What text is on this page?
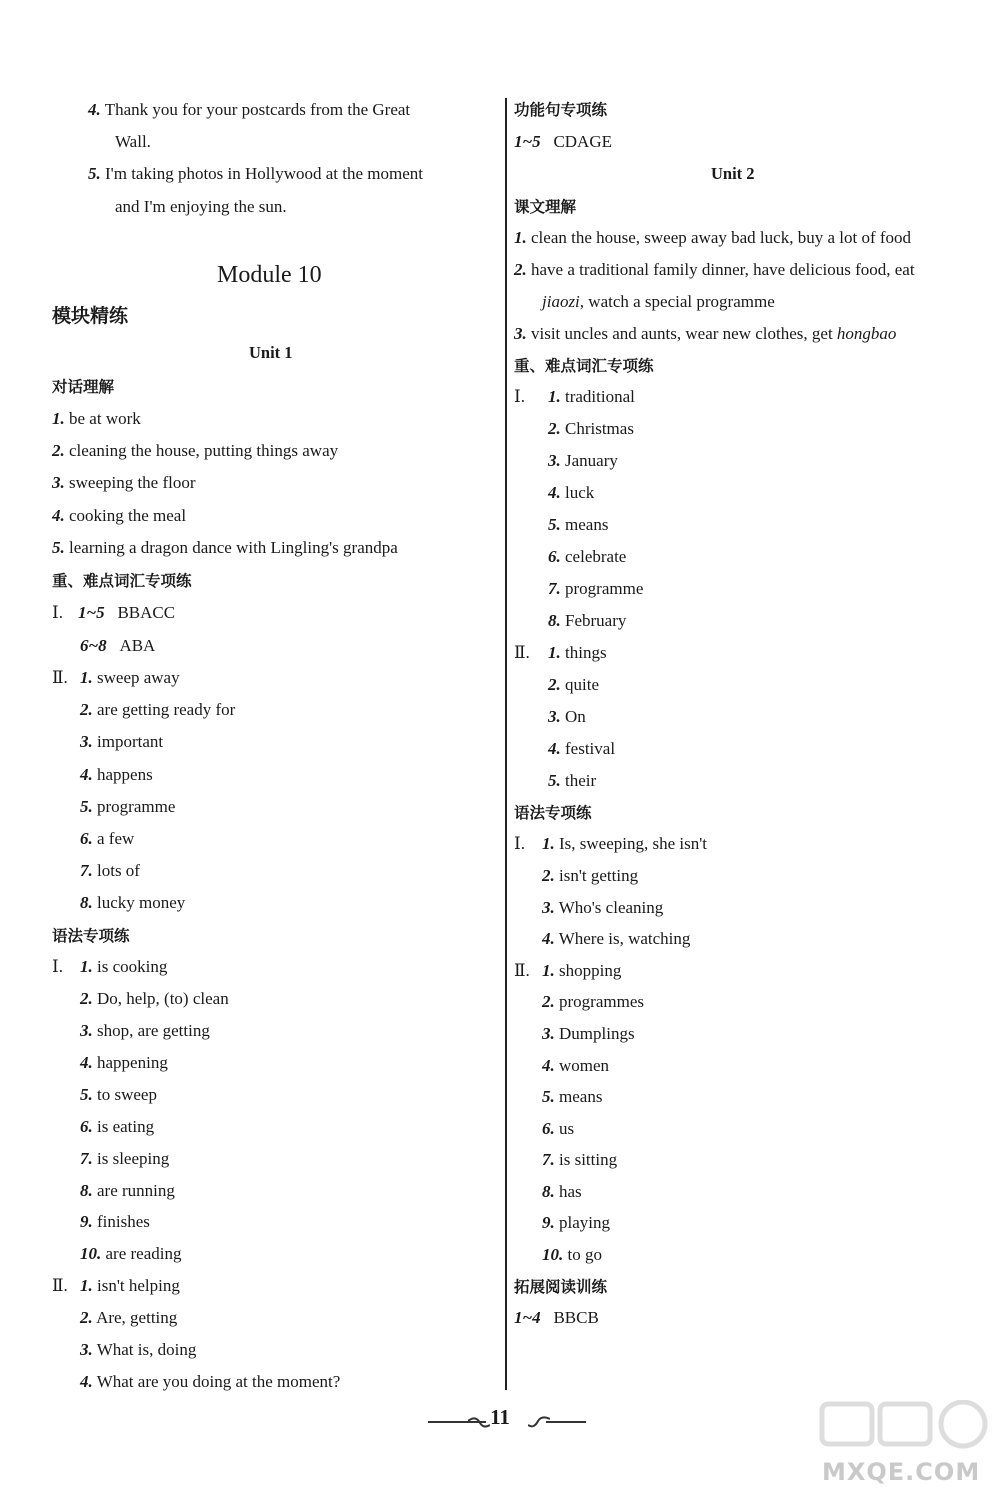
4. Thank you for your postcards from the Great
Wall.
5. I'm taking photos in Hollywood at the moment
and I'm enjoying the sun.
Module 10
模块精练
Unit 1
对话理解
1. be at work
2. cleaning the house, putting things away
3. sweeping the floor
4. cooking the meal
5. learning a dragon dance with Lingling's grandpa
重、难点词汇专项练
Ⅰ. 1~5 BBACC
6~8 ABA
Ⅱ. 1. sweep away
2. are getting ready for
3. important
4. happens
5. programme
6. a few
7. lots of
8. lucky money
语法专项练
Ⅰ. 1. is cooking
2. Do, help, (to) clean
3. shop, are getting
4. happening
5. to sweep
6. is eating
7. is sleeping
8. are running
9. finishes
10. are reading
Ⅱ. 1. isn't helping
2. Are, getting
3. What is, doing
4. What are you doing at the moment?
功能句专项练
1~5 CDAGE
Unit 2
课文理解
1. clean the house, sweep away bad luck, buy a lot of food
2. have a traditional family dinner, have delicious food, eat
jiaozi, watch a special programme
3. visit uncles and aunts, wear new clothes, get hongbao
重、难点词汇专项练
Ⅰ. 1. traditional
2. Christmas
3. January
4. luck
5. means
6. celebrate
7. programme
8. February
Ⅱ. 1. things
2. quite
3. On
4. festival
5. their
语法专项练
Ⅰ. 1. Is, sweeping, she isn't
2. isn't getting
3. Who's cleaning
4. Where is, watching
Ⅱ. 1. shopping
2. programmes
3. Dumplings
4. women
5. means
6. us
7. is sitting
8. has
9. playing
10. to go
拓展阅读训练
1~4 BBCB
11
MXQE.COM
